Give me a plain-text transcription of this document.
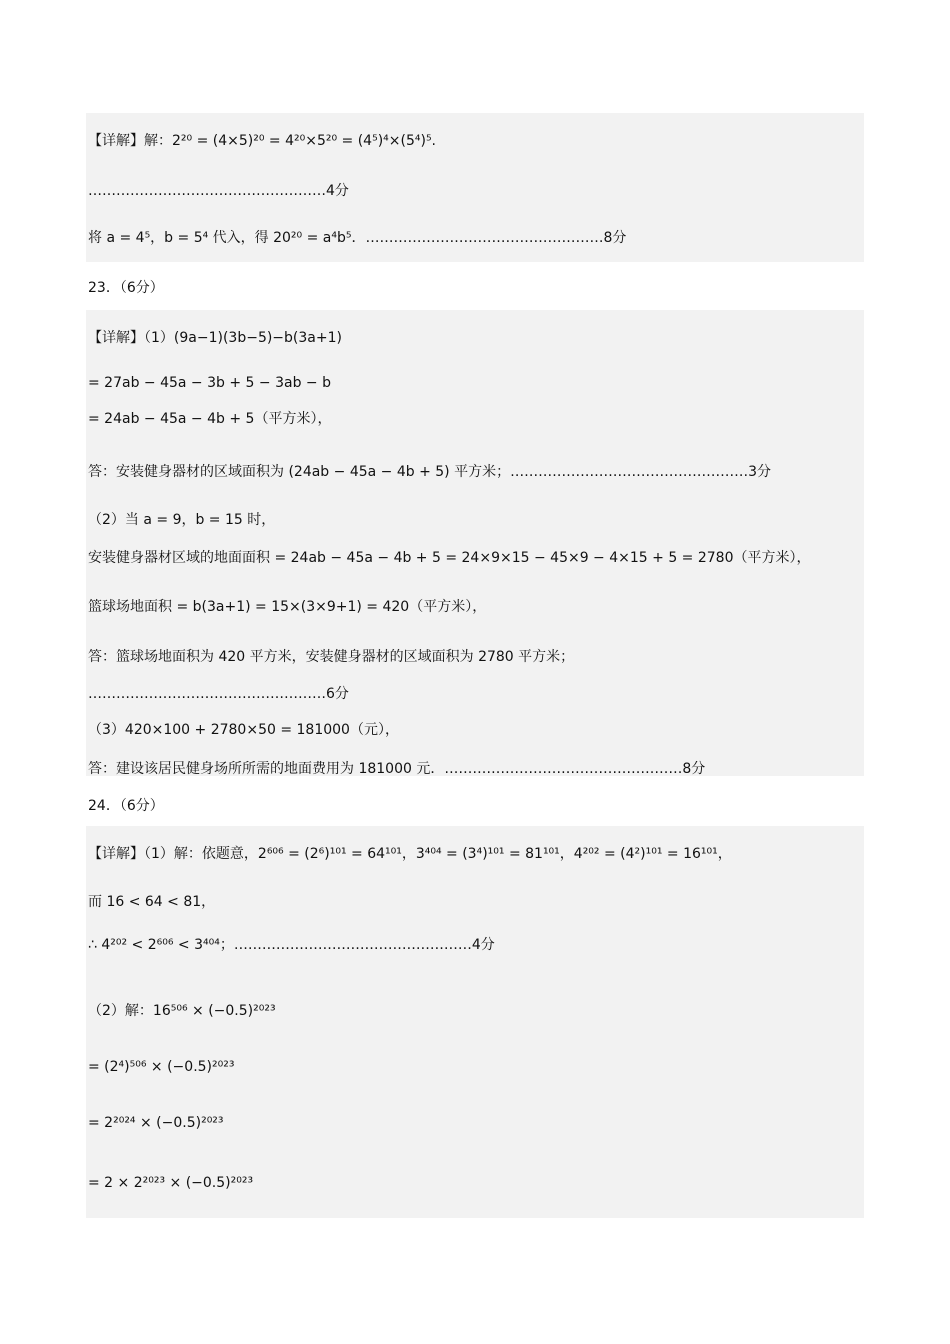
【详解】解：2²⁰ = (4×5)²⁰ = 4²⁰×5²⁰ = (4⁵)⁴×(5⁴)⁵.
……………………………………………4分
将 a = 4⁵，b = 5⁴ 代入，得 20²⁰ = a⁴b⁵．……………………………………………8分
23．（6分）
【详解】（1）(9a−1)(3b−5)−b(3a+1)
= 27ab − 45a − 3b + 5 − 3ab − b
= 24ab − 45a − 4b + 5（平方米），
答：安装健身器材的区域面积为 (24ab − 45a − 4b + 5) 平方米；……………………………………………3分
（2）当 a = 9，b = 15 时，
安装健身器材区域的地面面积 = 24ab − 45a − 4b + 5 = 24×9×15 − 45×9 − 4×15 + 5 = 2780（平方米），
篮球场地面积 = b(3a+1) = 15×(3×9+1) = 420（平方米），
答：篮球场地面积为 420 平方米，安装健身器材的区域面积为 2780 平方米；
……………………………………………6分
（3）420×100 + 2780×50 = 181000（元），
答：建设该居民健身场所所需的地面费用为 181000 元．……………………………………………8分
24．（6分）
【详解】（1）解：依题意，2⁶⁰⁶ = (2⁶)¹⁰¹ = 64¹⁰¹，3⁴⁰⁴ = (3⁴)¹⁰¹ = 81¹⁰¹，4²⁰² = (4²)¹⁰¹ = 16¹⁰¹，
而 16 < 64 < 81，
∴ 4²⁰² < 2⁶⁰⁶ < 3⁴⁰⁴；……………………………………………4分
（2）解：16⁵⁰⁶ × (−0.5)²⁰²³
= (2⁴)⁵⁰⁶ × (−0.5)²⁰²³
= 2²⁰²⁴ × (−0.5)²⁰²³
= 2 × 2²⁰²³ × (−0.5)²⁰²³
